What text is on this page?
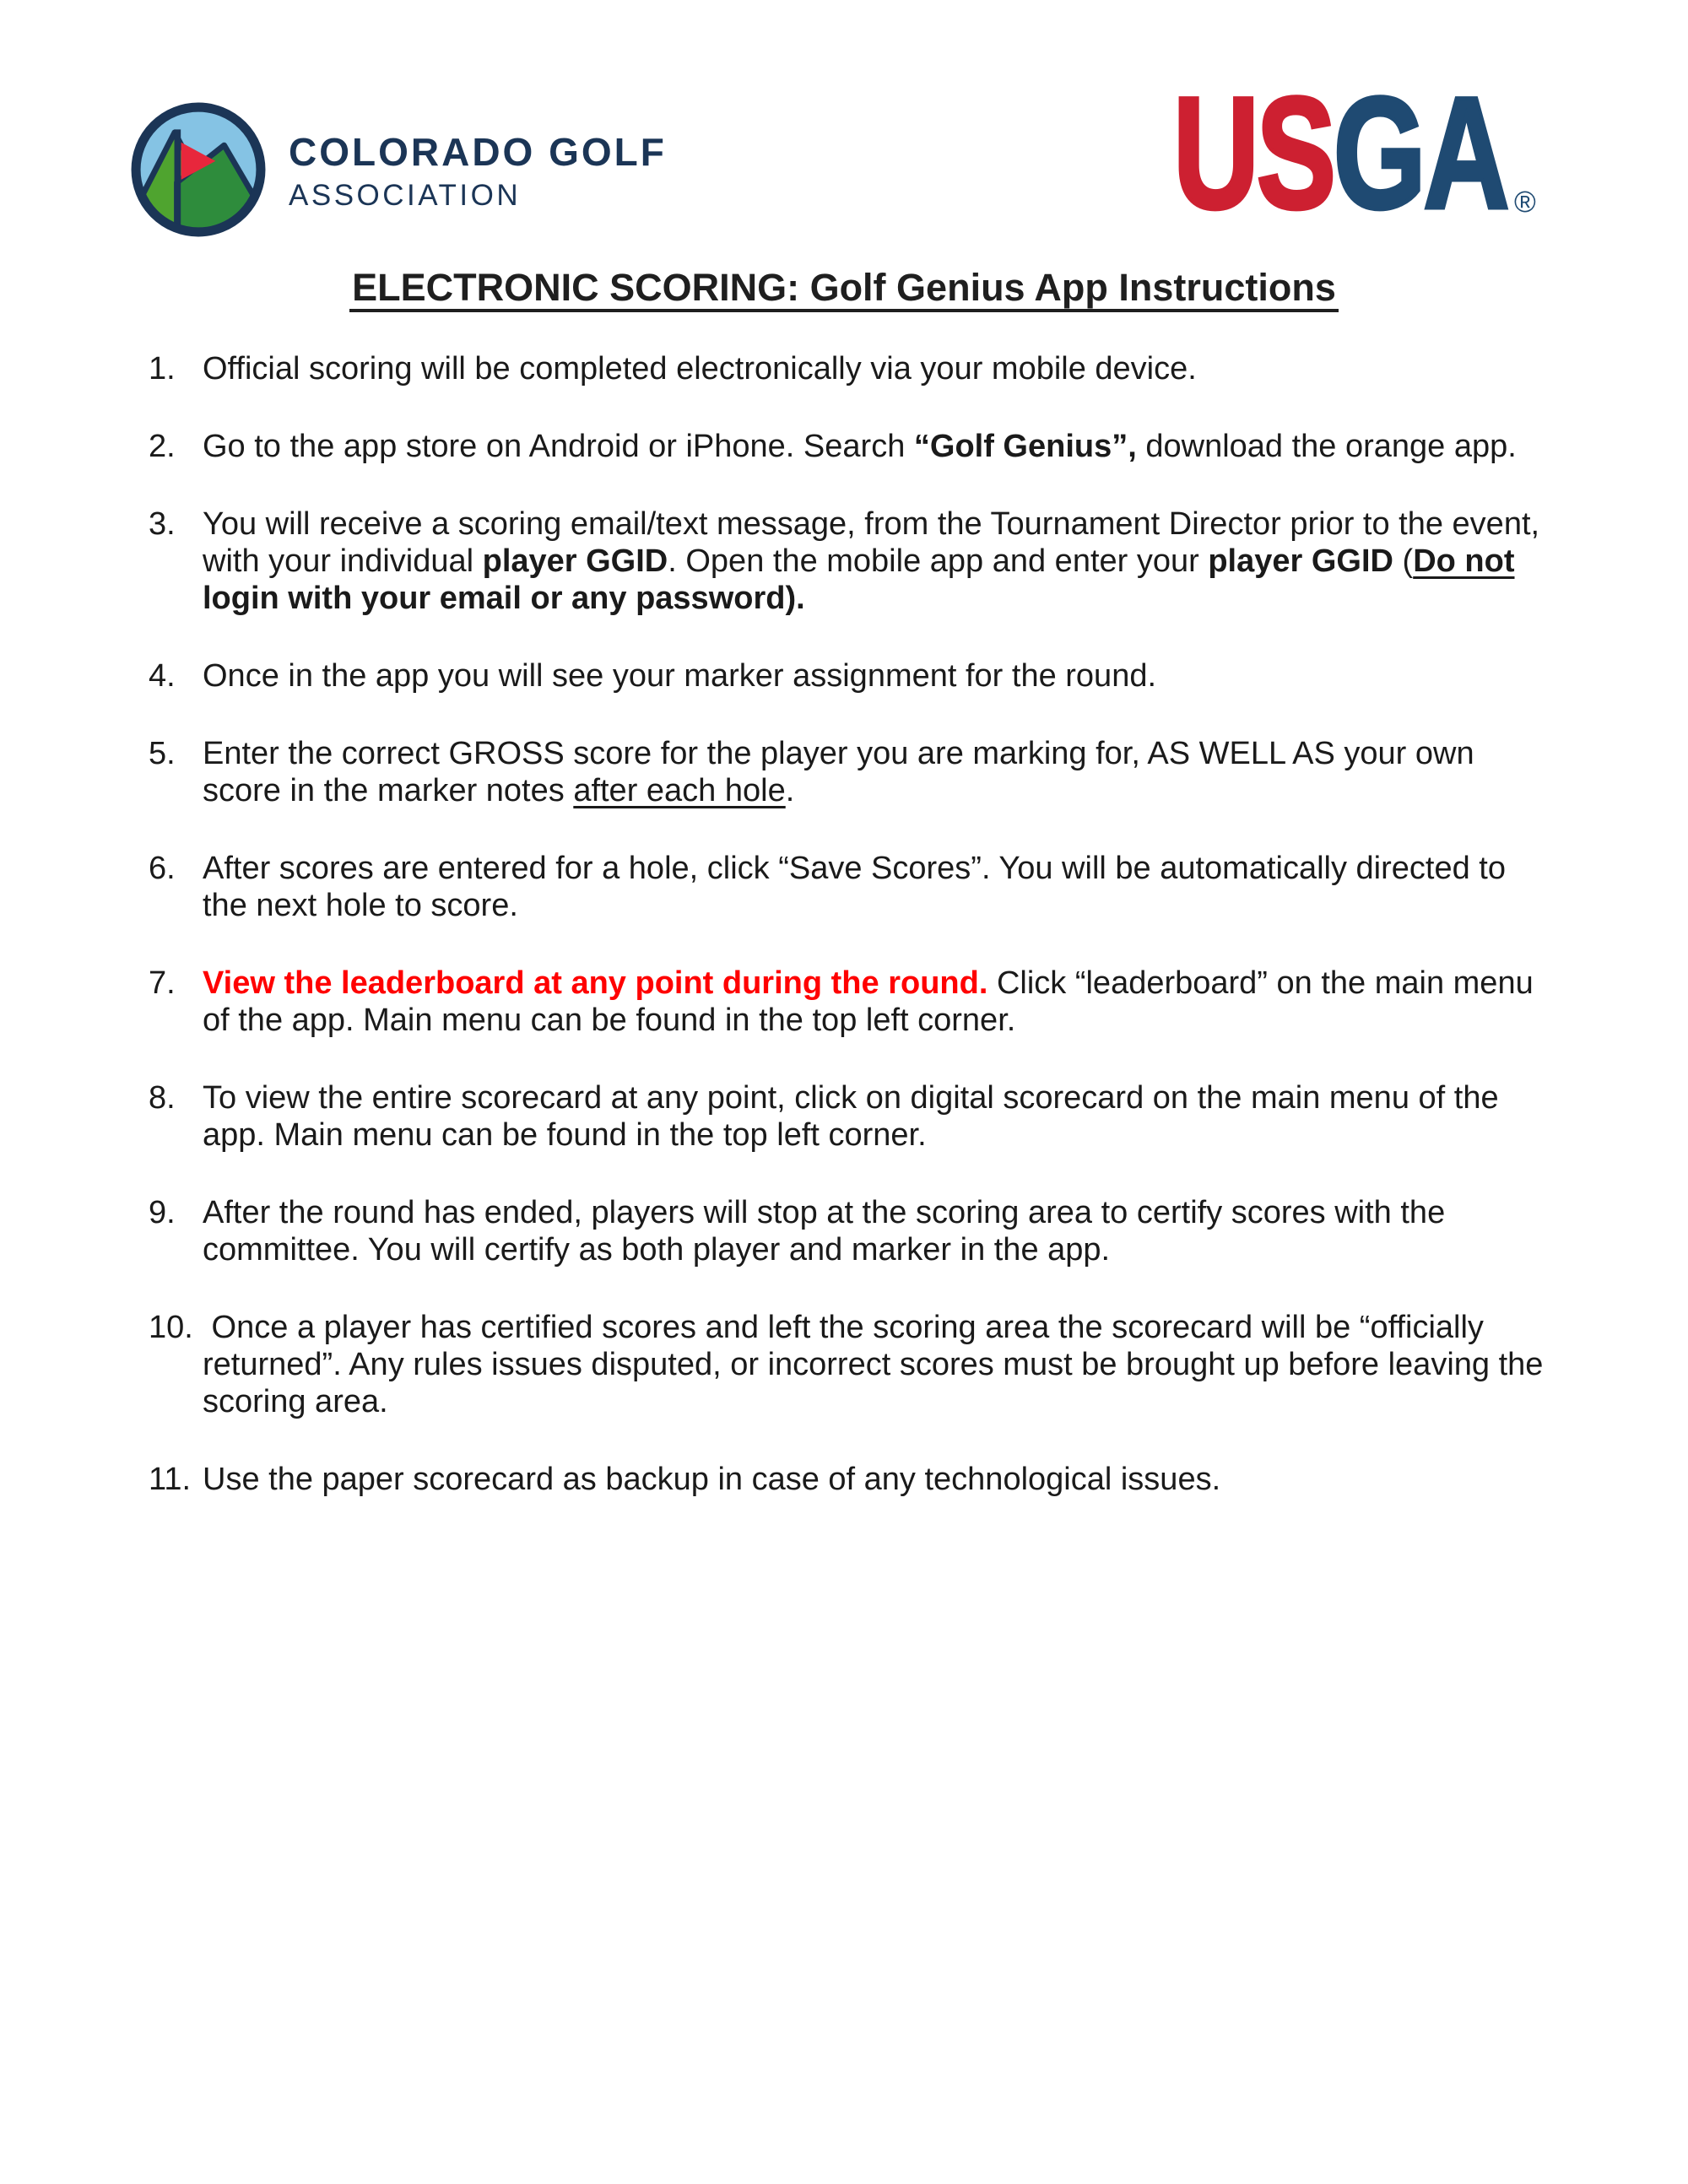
COLORADO GOLF
ASSOCIATION	USGA ®
ELECTRONIC SCORING: Golf Genius App Instructions
1. Official scoring will be completed electronically via your mobile device.
2. Go to the app store on Android or iPhone. Search “Golf Genius”, download the orange app.
3. You will receive a scoring email/text message, from the Tournament Director prior to the event,
with your individual player GGID. Open the mobile app and enter your player GGID (Do not
login with your email or any password).
4. Once in the app you will see your marker assignment for the round.
5. Enter the correct GROSS score for the player you are marking for, AS WELL AS your own
score in the marker notes after each hole.
6. After scores are entered for a hole, click “Save Scores”. You will be automatically directed to
the next hole to score.
7. View the leaderboard at any point during the round. Click “leaderboard” on the main menu
of the app. Main menu can be found in the top left corner.
8. To view the entire scorecard at any point, click on digital scorecard on the main menu of the
app. Main menu can be found in the top left corner.
9. After the round has ended, players will stop at the scoring area to certify scores with the
committee. You will certify as both player and marker in the app.
10. Once a player has certified scores and left the scoring area the scorecard will be “officially
returned”. Any rules issues disputed, or incorrect scores must be brought up before leaving the
scoring area.
11. Use the paper scorecard as backup in case of any technological issues.
